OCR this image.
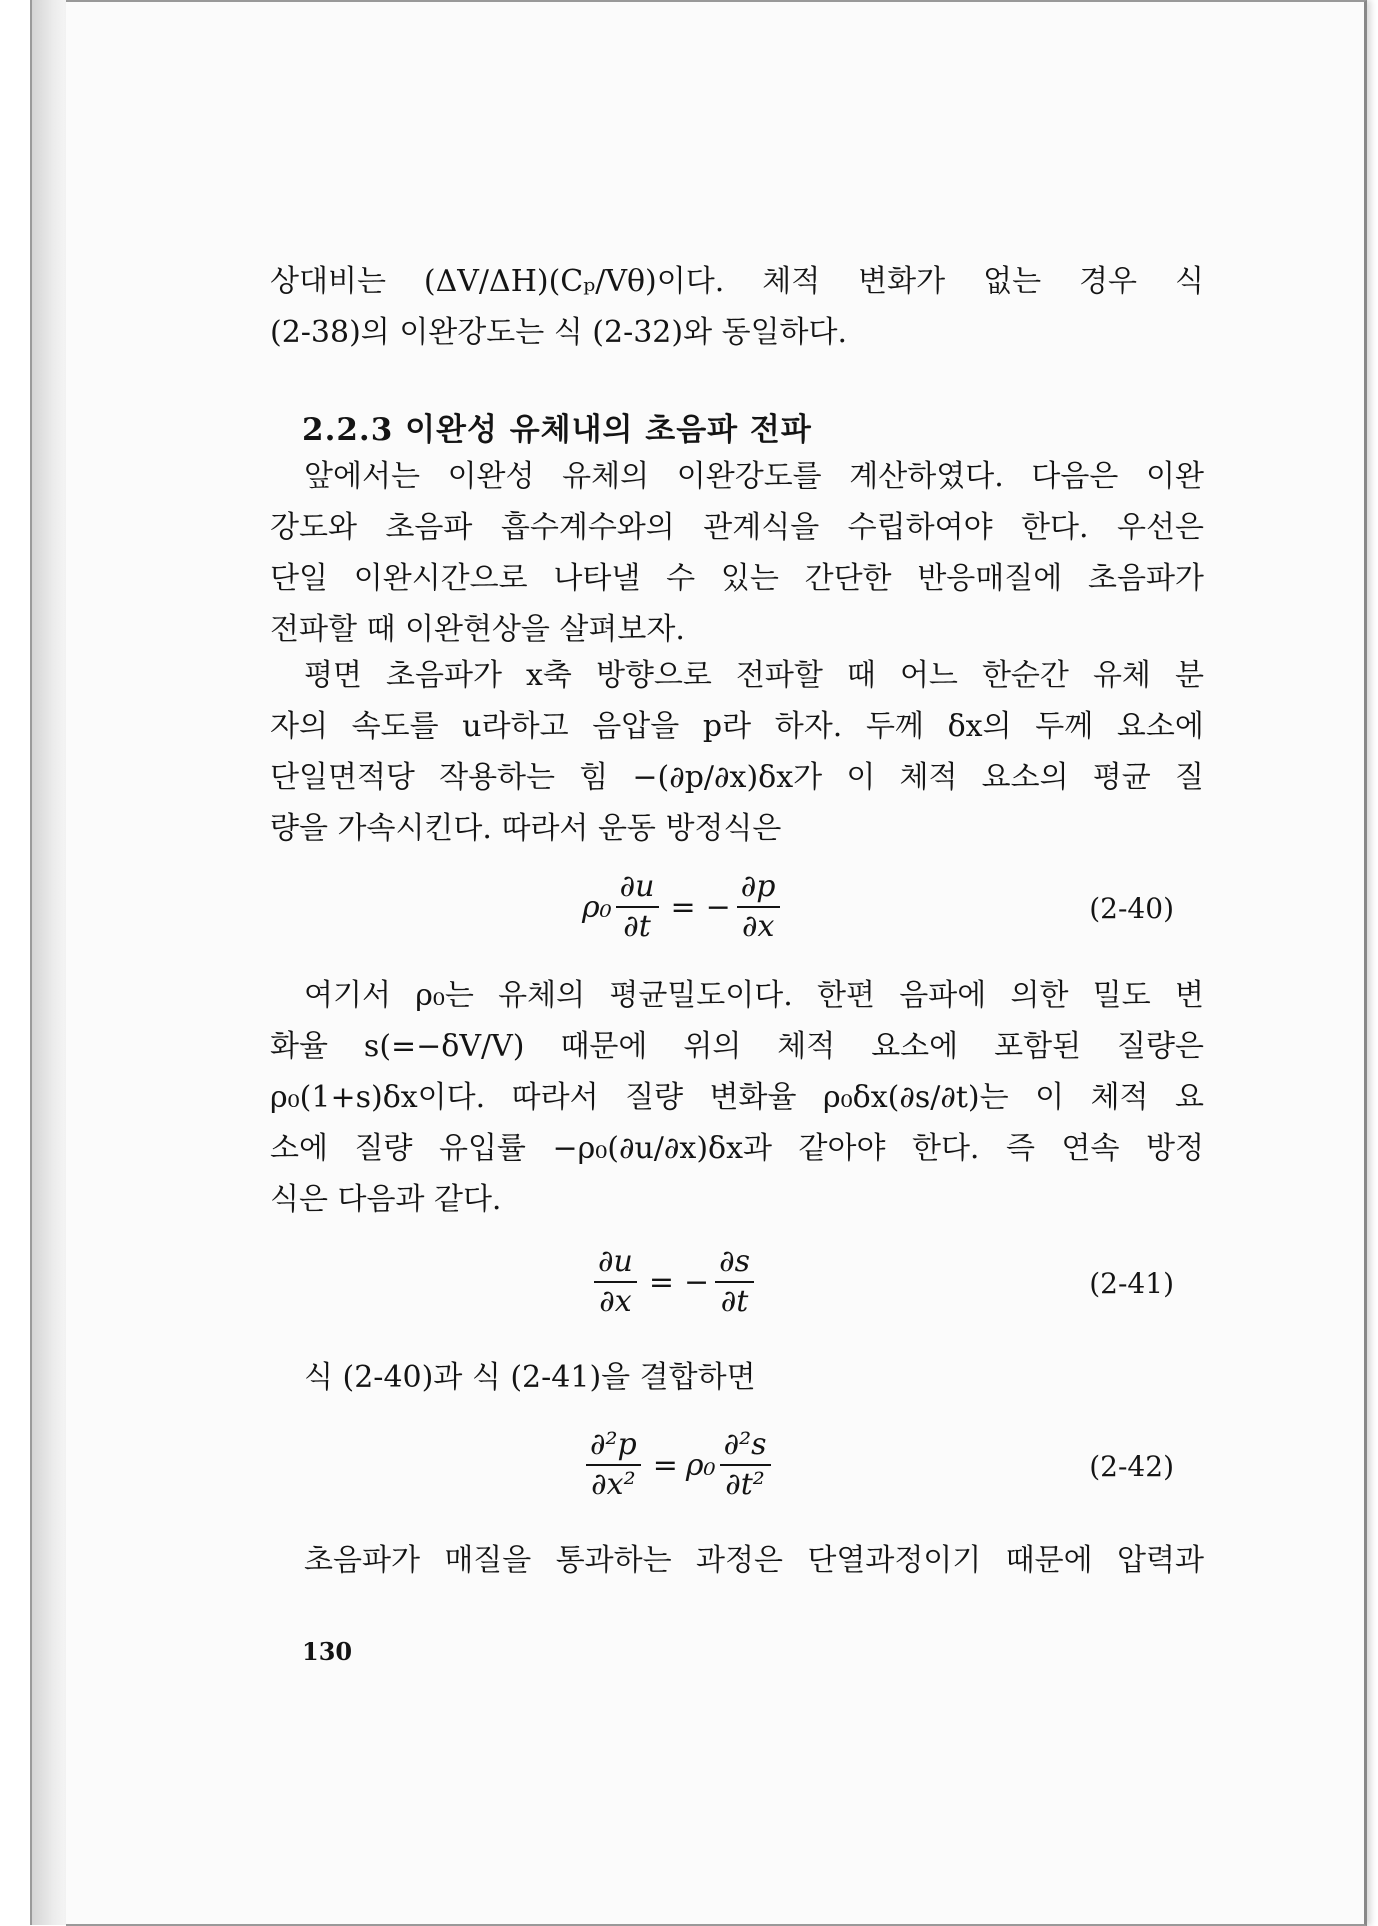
상대비는 (ΔV/ΔH)(Cₚ/Vθ)이다. 체적 변화가 없는 경우 식
(2-38)의 이완강도는 식 (2-32)와 동일하다.
2.2.3 이완성 유체내의 초음파 전파
앞에서는 이완성 유체의 이완강도를 계산하였다. 다음은 이완
강도와 초음파 흡수계수와의 관계식을 수립하여야 한다. 우선은
단일 이완시간으로 나타낼 수 있는 간단한 반응매질에 초음파가
전파할 때 이완현상을 살펴보자.
평면 초음파가 x축 방향으로 전파할 때 어느 한순간 유체 분
자의 속도를 u라하고 음압을 p라 하자. 두께 δx의 두께 요소에
단일면적당 작용하는 힘 −(∂p/∂x)δx가 이 체적 요소의 평균 질
량을 가속시킨다. 따라서 운동 방정식은
$\rho_0 \frac{\partial u}{\partial t}$ = − $\frac{\partial p}{\partial x}$	(2-40)
여기서 ρ₀는 유체의 평균밀도이다. 한편 음파에 의한 밀도 변
화율 s(=−δV/V) 때문에 위의 체적 요소에 포함된 질량은
ρ₀(1+s)δx이다. 따라서 질량 변화율 ρ₀δx(∂s/∂t)는 이 체적 요
소에 질량 유입률 −ρ₀(∂u/∂x)δx과 같아야 한다. 즉 연속 방정
식은 다음과 같다.
$\frac{\partial u}{\partial x}$ = − $\frac{\partial s}{\partial t}$	(2-41)
식 (2-40)과 식 (2-41)을 결합하면
$\frac{\text{∂²p}}{\text{∂x²}} = \rho_0 \frac{\text{∂²s}}{\text{∂t²}}$	(2-42)
초음파가 매질을 통과하는 과정은 단열과정이기 때문에 압력과
130
